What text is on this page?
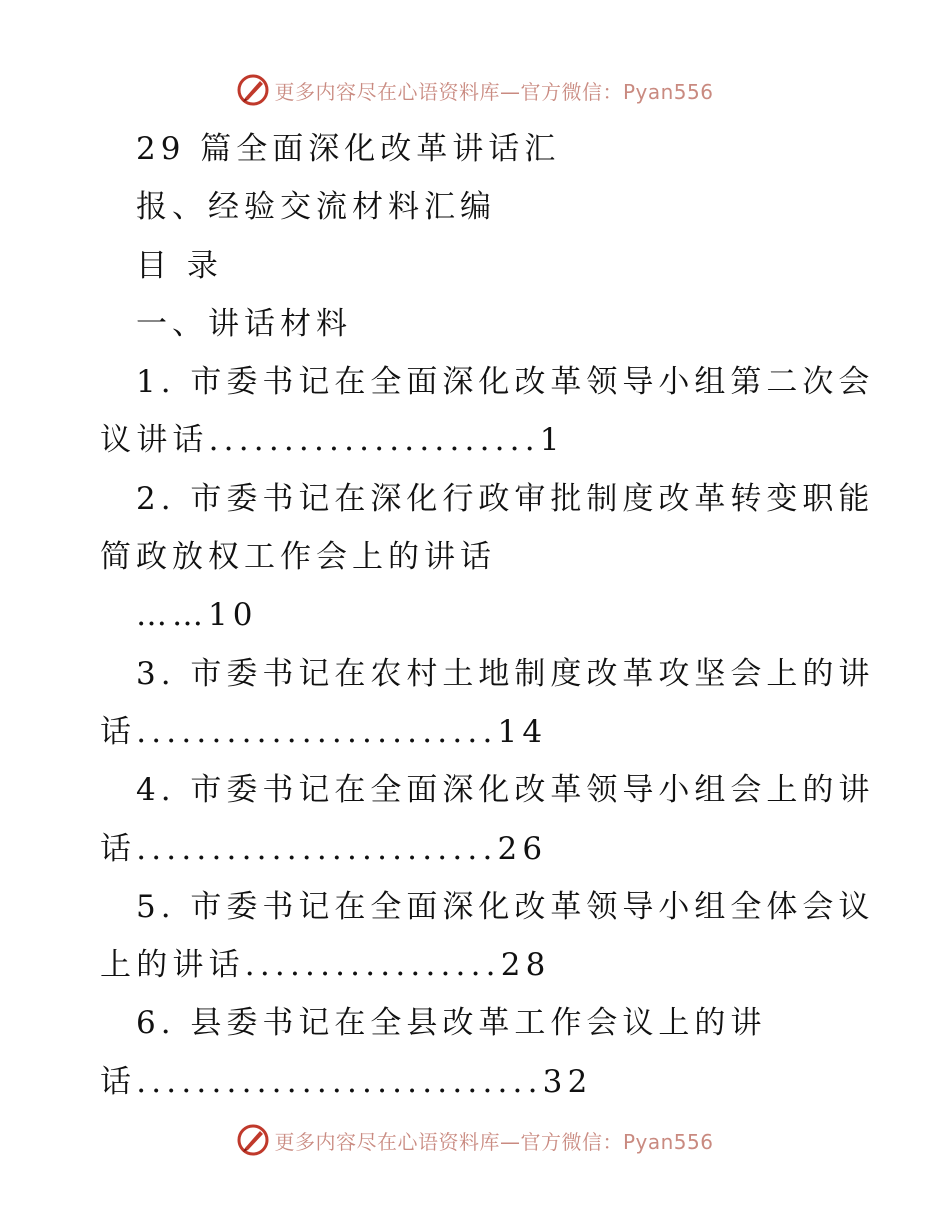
更多内容尽在心语资料库—官方微信：Pyan556
29 篇全面深化改革讲话汇
报、经验交流材料汇编
目 录
一、讲话材料
1. 市委书记在全面深化改革领导小组第二次会
议讲话......................1
2. 市委书记在深化行政审批制度改革转变职能
简政放权工作会上的讲话
……10
3. 市委书记在农村土地制度改革攻坚会上的讲
话........................14
4. 市委书记在全面深化改革领导小组会上的讲
话........................26
5. 市委书记在全面深化改革领导小组全体会议
上的讲话.................28
6. 县委书记在全县改革工作会议上的讲
话...........................32
更多内容尽在心语资料库—官方微信：Pyan556
